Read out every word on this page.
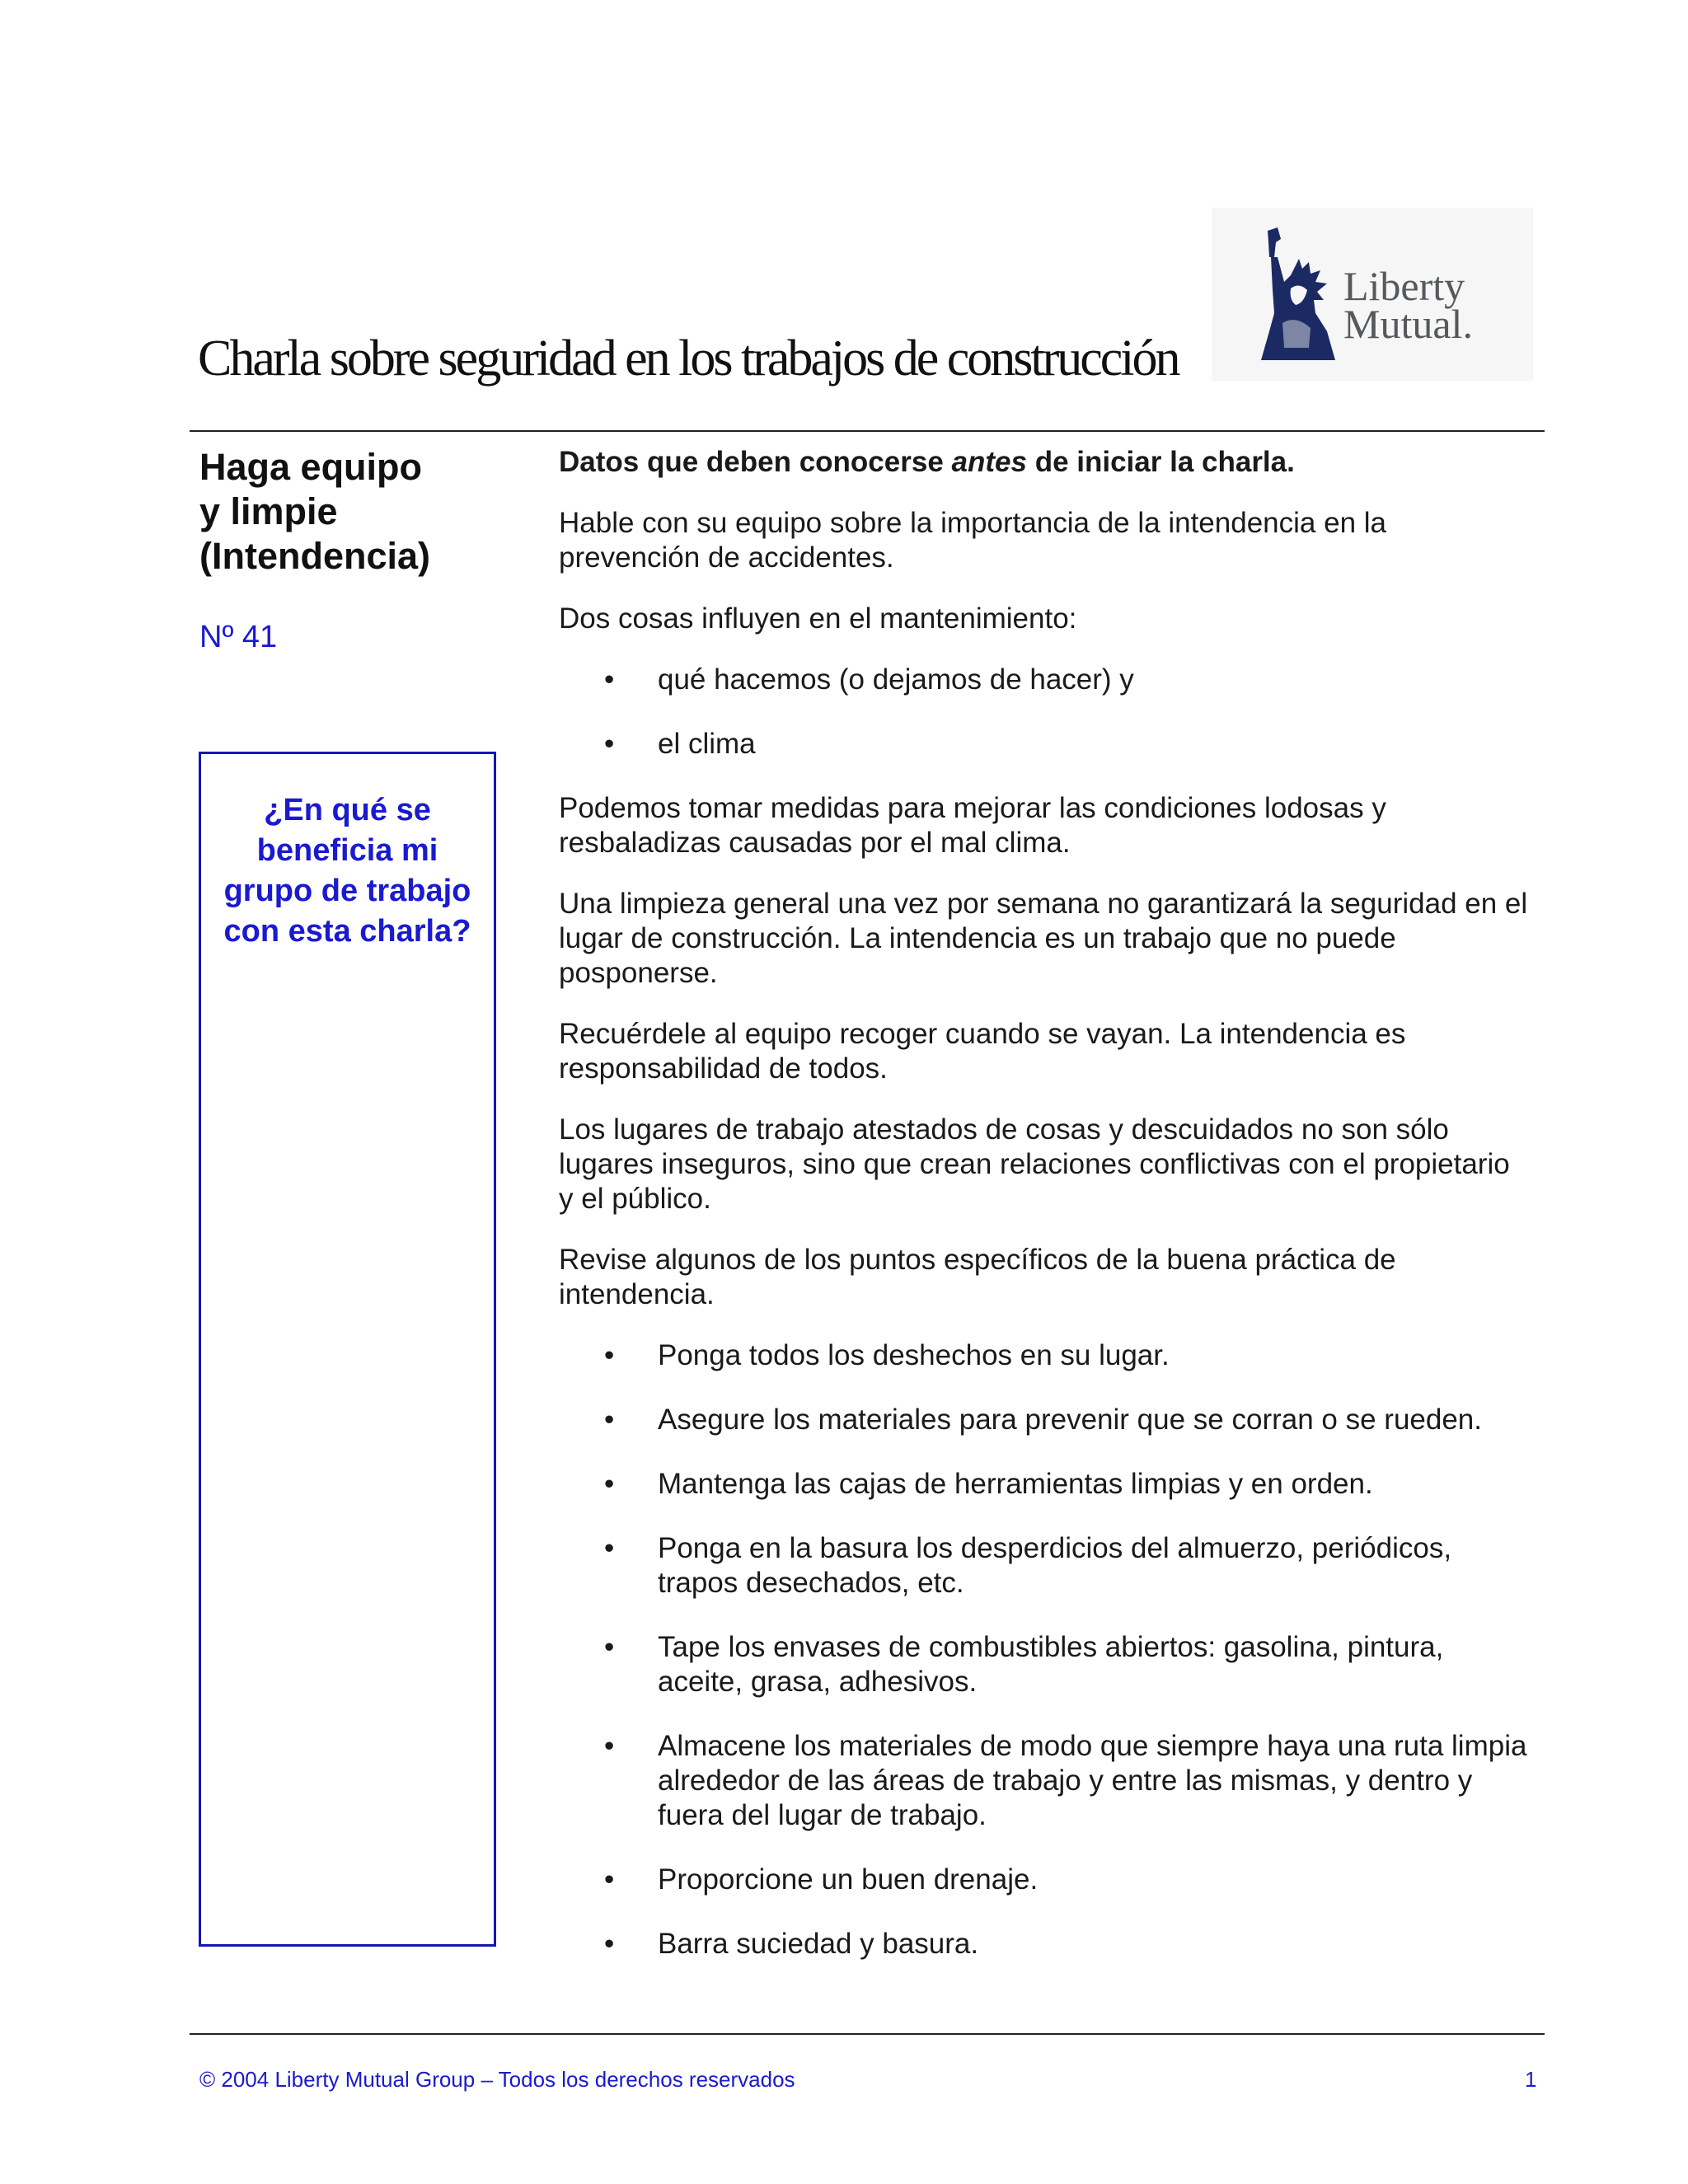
Charla sobre seguridad en los trabajos de construcción
Liberty
Mutual.
Haga equipo
y limpie
(Intendencia)

Nº 41

¿En qué se beneficia mi grupo de trabajo con esta charla?

Datos que deben conocerse antes de iniciar la charla.

Hable con su equipo sobre la importancia de la intendencia en la prevención de accidentes.

Dos cosas influyen en el mantenimiento:

• qué hacemos (o dejamos de hacer) y
• el clima

Podemos tomar medidas para mejorar las condiciones lodosas y resbaladizas causadas por el mal clima.

Una limpieza general una vez por semana no garantizará la seguridad en el lugar de construcción. La intendencia es un trabajo que no puede posponerse.

Recuérdele al equipo recoger cuando se vayan. La intendencia es responsabilidad de todos.

Los lugares de trabajo atestados de cosas y descuidados no son sólo lugares inseguros, sino que crean relaciones conflictivas con el propietario y el público.

Revise algunos de los puntos específicos de la buena práctica de intendencia.

• Ponga todos los deshechos en su lugar.
• Asegure los materiales para prevenir que se corran o se rueden.
• Mantenga las cajas de herramientas limpias y en orden.
• Ponga en la basura los desperdicios del almuerzo, periódicos, trapos desechados, etc.
• Tape los envases de combustibles abiertos: gasolina, pintura, aceite, grasa, adhesivos.
• Almacene los materiales de modo que siempre haya una ruta limpia alrededor de las áreas de trabajo y entre las mismas, y dentro y fuera del lugar de trabajo.
• Proporcione un buen drenaje.
• Barra suciedad y basura.
© 2004 Liberty Mutual Group – Todos los derechos reservados	1
